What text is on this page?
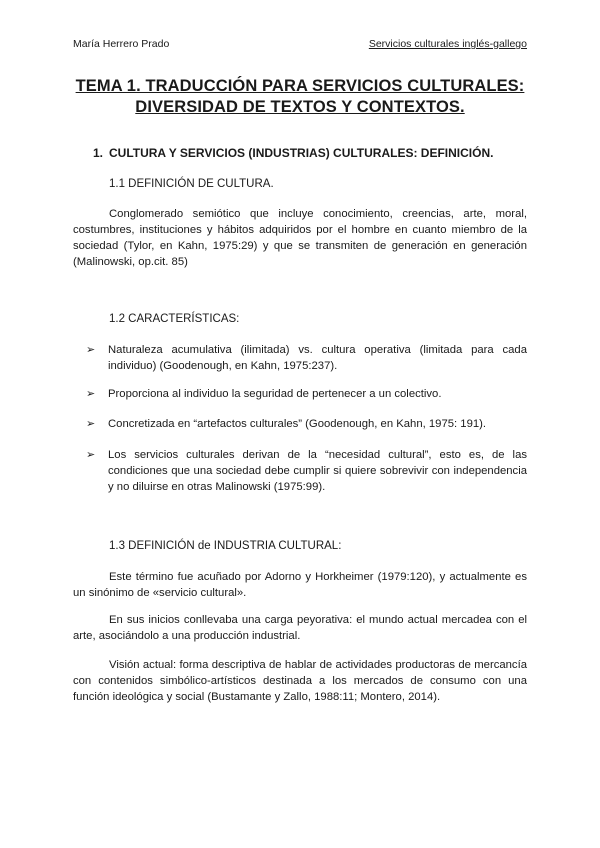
María Herrero Prado	Servicios culturales inglés-gallego
TEMA 1. TRADUCCIÓN PARA SERVICIOS CULTURALES:
DIVERSIDAD DE TEXTOS Y CONTEXTOS.
1. CULTURA Y SERVICIOS (INDUSTRIAS) CULTURALES: DEFINICIÓN.
1.1 DEFINICIÓN DE CULTURA.
Conglomerado semiótico que incluye conocimiento, creencias, arte, moral, costumbres, instituciones y hábitos adquiridos por el hombre en cuanto miembro de la sociedad (Tylor, en Kahn, 1975:29) y que se transmiten de generación en generación (Malinowski, op.cit. 85)
1.2 CARACTERÍSTICAS:
➢ Naturaleza acumulativa (ilimitada) vs. cultura operativa (limitada para cada individuo) (Goodenough, en Kahn, 1975:237).
➢ Proporciona al individuo la seguridad de pertenecer a un colectivo.
➢ Concretizada en “artefactos culturales” (Goodenough, en Kahn, 1975: 191).
➢ Los servicios culturales derivan de la “necesidad cultural”, esto es, de las condiciones que una sociedad debe cumplir si quiere sobrevivir con independencia y no diluirse en otras Malinowski (1975:99).
1.3 DEFINICIÓN de INDUSTRIA CULTURAL:
Este término fue acuñado por Adorno y Horkheimer (1979:120), y actualmente es un sinónimo de «servicio cultural».
En sus inicios conllevaba una carga peyorativa: el mundo actual mercadea con el arte, asociándolo a una producción industrial.
Visión actual: forma descriptiva de hablar de actividades productoras de mercancía con contenidos simbólico-artísticos destinada a los mercados de consumo con una función ideológica y social (Bustamante y Zallo, 1988:11; Montero, 2014).
